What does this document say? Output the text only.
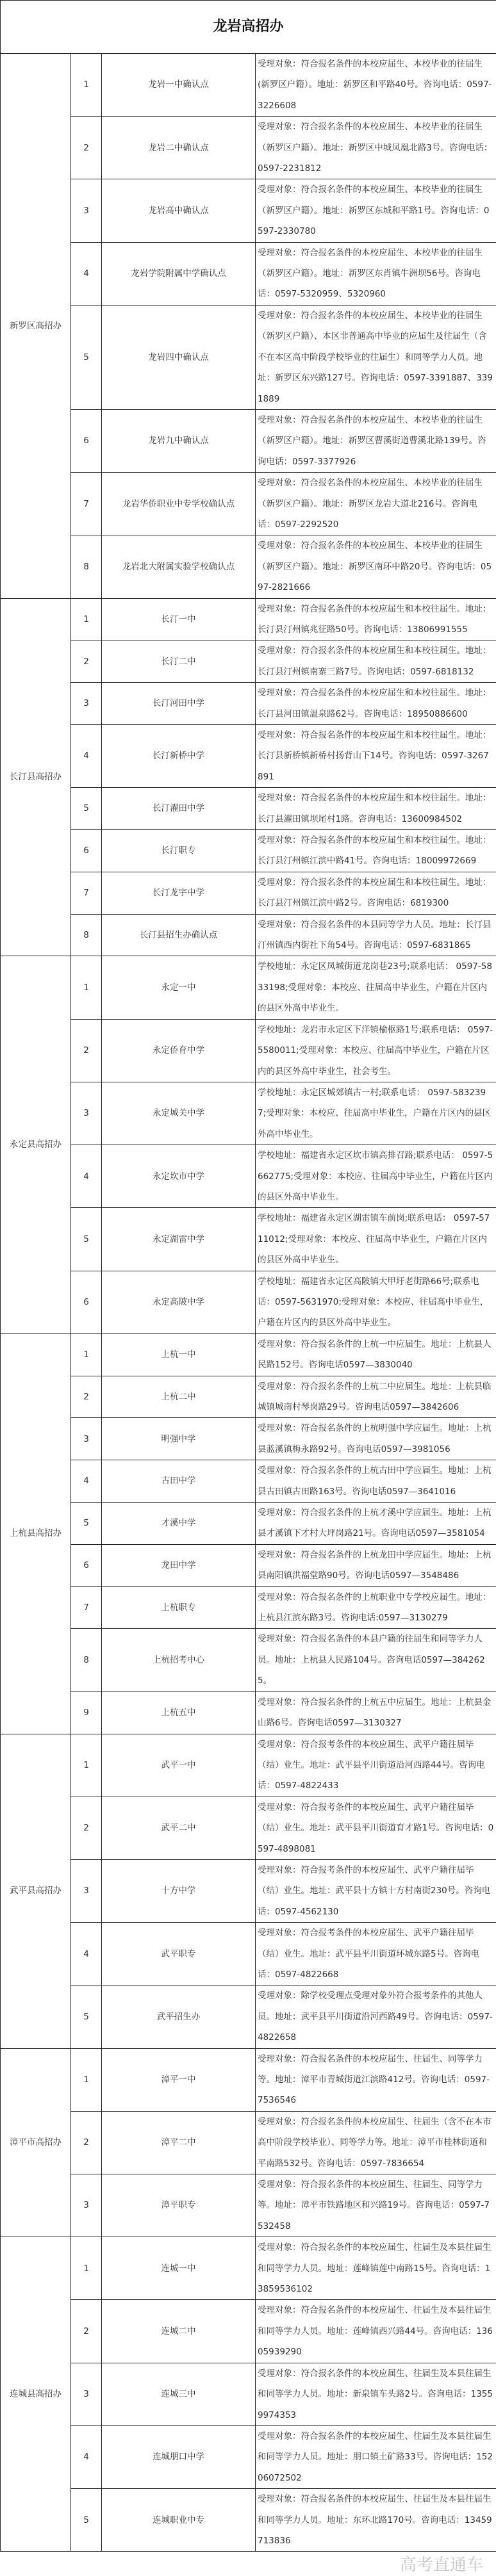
龙岩高招办			
新罗区高招办	1	龙岩一中确认点	受理对象：符合报名条件的本校应届生、本校毕业的往届生(新罗区户籍）。地址：新罗区和平路40号。咨询电话：0597-3226608
	2	龙岩二中确认点	受理对象：符合报名条件的本校应届生、本校毕业的往届生（新罗区户籍）。地址：新罗区中城凤凰北路3号。咨询电话：0597-2231812
	3	龙岩高中确认点	受理对象：符合报名条件的本校应届生、本校毕业的往届生（新罗区户籍）。地址：新罗区东城和平路1号。咨询电话：0597-2330780
	4	龙岩学院附属中学确认点	受理对象：符合报名条件的本校应届生、本校毕业的往届生（新罗区户籍）。地址：新罗区东肖镇牛洲坝56号。咨询电话：0597-5320959、5320960
	5	龙岩四中确认点	受理对象：符合报名条件的本校应届生、本校毕业的往届生（新罗区户籍）、本区非普通高中毕业的应届生及往届生（含不在本区高中阶段学校毕业的往届生）和同等学力人员。地址：新罗区东兴路127号。咨询电话：0597-3391887、3391889
	6	龙岩九中确认点	受理对象：符合报名条件的本校应届生、本校毕业的往届生（新罗区户籍）。地址：新罗区曹溪街道曹溪北路139号。咨询电话：0597-3377926
	7	龙岩华侨职业中专学校确认点	受理对象：符合报名条件的本校应届生、本校毕业的往届生（新罗区户籍）。地址：新罗区龙岩大道北216号。咨询电话：0597-2292520
	8	龙岩北大附属实验学校确认点	受理对象：符合报名条件的本校应届生、本校毕业的往届生（新罗区户籍）。地址：新罗区南环中路20号。咨询电话：0597-2821666
长汀县高招办	1	长汀一中	受理对象：符合报名条件的本校应届生和本校往届生。地址：长汀县汀州镇兆征路50号。咨询电话：13806991555
	2	长汀二中	受理对象：符合报名条件的本校应届生和本校往届生。地址：长汀县汀州镇南寨三路7号。咨询电话：0597-6818132
	3	长汀河田中学	受理对象：符合报名条件的本校应届生和本校往届生。地址：长汀县河田镇温泉路62号。咨询电话：18950886600
	4	长汀新桥中学	受理对象：符合报名条件的本校应届生和本校往届生。地址：长汀县新桥镇新桥村扬背山下14号。咨询电话：0597-3267891
	5	长汀濯田中学	受理对象：符合报名条件的本校应届生和本校往届生。地址：长汀县濯田镇坝尾村1路。咨询电话：13600984502
	6	长汀职专	受理对象：符合报名条件的本校应届生和本校往届生。地址：长汀县汀州镇江滨中路41号。咨询电话：18009972669
	7	长汀龙宇中学	受理对象：符合报名条件的本校应届生和本校往届生。地址：长汀县汀州镇江滨中路2号。咨询电话：6819300
	8	长汀县招生办确认点	受理对象：符合报名条件的本县同等学力人员。地址：长汀县汀州镇西内街社下角54号。咨询电话：0597-6831865
永定县高招办	1	永定一中	学校地址：永定区凤城街道龙岗巷23号;联系电话： 0597-5833198;受理对象：本校应、往届高中毕业生，户籍在片区内的县区外高中毕业生。
	2	永定侨育中学	学校地址：龙岩市永定区下洋镇榆枢路1号;联系电话： 0597-5580011;受理对象：本校应、往届高中毕业生，户籍在片区内的县区外高中毕业生，社会考生。
	3	永定城关中学	学校地址：永定区城郊镇古一村;联系电话： 0597-5832397;受理对象：本校应、往届高中毕业生，户籍在片区内的县区外高中毕业生。
	4	永定坎市中学	学校地址：福建省永定区坎市镇高排召路;联系电话： 0597-5662775;受理对象：本校应、往届高中毕业生，户籍在片区内的县区外高中毕业生。
	5	永定湖雷中学	学校地址：福建省永定区湖雷镇车前岗;联系电话： 0597-5711012;受理对象：本校应、往届高中毕业生，户籍在片区内的县区外高中毕业生。
	6	永定高陂中学	学校地址：福建省永定区高陂镇大甲圩老街路66号;联系电话：0597-5631970;受理对象：本校应、往届高中毕业生，户籍在片区内的县区外高中毕业生。
上杭县高招办	1	上杭一中	受理对象：符合报名条件的上杭一中应届生。地址：上杭县人民路152号。咨询电话0597—3830040
	2	上杭二中	受理对象：符合报名条件的上杭二中应届生。地址：上杭县临城镇城南村琴岗路29号。咨询电话0597—3842606
	3	明强中学	受理对象：符合报名条件的上杭明强中学应届生。地址：上杭县蓝溪镇梅永路92号。咨询电话0597—3981056
	4	古田中学	受理对象：符合报名条件的上杭古田中学应届生。地址：上杭县古田镇古田路163号。咨询电话0597—3641016
	5	才溪中学	受理对象：符合报名条件的上杭才溪中学应届生。地址：上杭县才溪镇下才村大坪岗路21号。咨询电话0597—3581054
	6	龙田中学	受理对象：符合报名条件的上杭龙田中学应届生。地址：上杭县南阳镇洪福堂路90号。咨询电话0597—3548486
	7	上杭职专	受理对象：符合报名条件的上杭职业中专学校应届生。地址：上杭县江滨东路3号。咨询电话:0597—3130279
	8	上杭招考中心	受理对象：符合报名条件的本县户籍的往届生和同等学力人员。地址：上杭县人民路104号。咨询电话0597—3842625。
	9	上杭五中	受理对象：符合报名条件的上杭五中应届生。地址：上杭县金山路6号。咨询电话0597—3130327
武平县高招办	1	武平一中	受理对象：符合报考条件的本校应届生、武平户籍往届毕（结）业生。地址：武平县平川街道沿河西路44号。咨询电话：0597-4822433
	2	武平二中	受理对象：符合报考条件的本校应届生、武平户籍往届毕（结）业生。地址：武平县平川街道育才路1号。咨询电话：0597-4898081
	3	十方中学	受理对象：符合报考条件的本校应届生、武平户籍往届毕（结）业生。地址：武平县十方镇十方村南街230号。咨询电话：0597-4562130
	4	武平职专	受理对象：符合报考条件的本校应届生、武平户籍往届毕（结）业生。地址：武平县平川街道环城东路5号。咨询电话：0597-4822668
	5	武平招生办	受理对象：除学校受理点受理对象外符合报考条件的其他人员。地址：武平县平川街道沿河西路49号。咨询电话：0597-4822658
漳平市高招办	1	漳平一中	受理对象：符合报名条件的本校应届生、往届生、同等学力等。地址：漳平市青城街道江滨路412号。咨询电话：0597-7536546
	2	漳平二中	受理对象：符合报名条件的本校应届生、往届生（含不在本市高中阶段学校毕业）、同等学力等。地址：漳平市桂林街道和平南路532号。咨询电话：0597-7836654
	3	漳平职专	受理对象：符合报名条件的本校应届生、往届生、同等学力等。地址：漳平市铁路地区和兴路19号。咨询电话：0597-7532458
连城县高招办	1	连城一中	受理对象：符合报名条件的本校应届生、往届生及本县往届生和同等学力人员。地址：莲峰镇莲中南路15号。咨询电话：13859536102
	2	连城二中	受理对象：符合报名条件的本校应届生、往届生及本县往届生和同等学力人员。地址：莲峰镇西兴路44号。咨询电话：13605939290
	3	连城三中	受理对象：符合报名条件的本校应届生、往届生及本县往届生和同等学力人员。地址：新泉镇车头路2号。咨询电话：13559974353
	4	连城朋口中学	受理对象：符合报名条件的本校应届生、往届生及本县往届生和同等学力人员。地址：朋口镇土矿路33号。咨询电话：15206072502
	5	连城职业中专	受理对象：符合报名条件的本校应届生、往届生及本县往届生和同等学力人员。地址：东环北路170号。咨询电话：13459713836
高考直通车
